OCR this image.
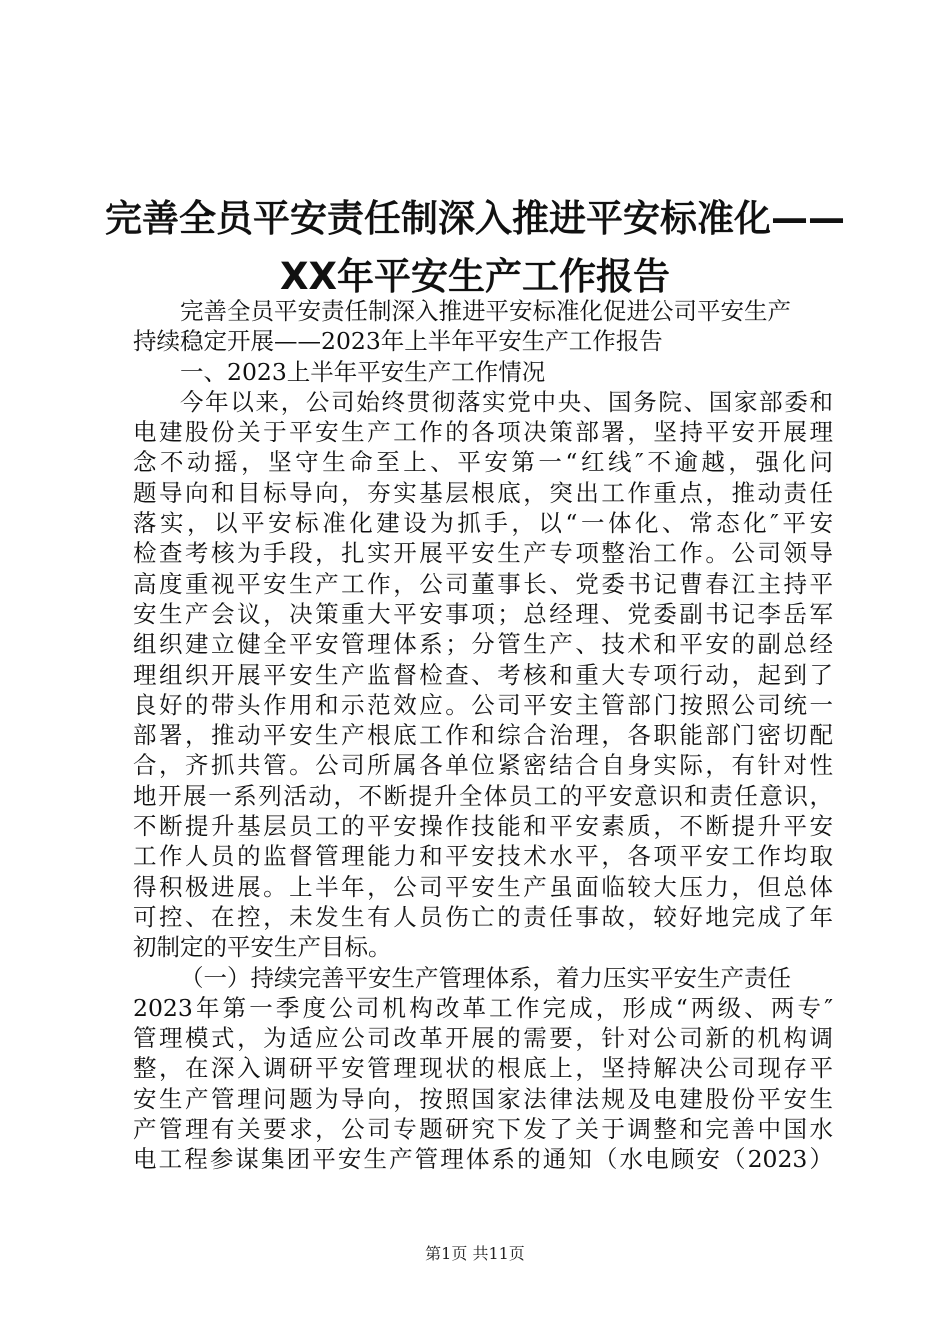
完善全员平安责任制深入推进平安标准化——
XX年平安生产工作报告
完善全员平安责任制深入推进平安标准化促进公司平安生产
持续稳定开展——2023年上半年平安生产工作报告
一、2023上半年平安生产工作情况
今年以来，公司始终贯彻落实党中央、国务院、国家部委和
电建股份关于平安生产工作的各项决策部署，坚持平安开展理
念不动摇，坚守生命至上、平安第一“红线″不逾越，强化问
题导向和目标导向，夯实基层根底，突出工作重点，推动责任
落实，以平安标准化建设为抓手，以“一体化、常态化″平安
检查考核为手段，扎实开展平安生产专项整治工作。公司领导
高度重视平安生产工作，公司董事长、党委书记曹春江主持平
安生产会议，决策重大平安事项；总经理、党委副书记李岳军
组织建立健全平安管理体系；分管生产、技术和平安的副总经
理组织开展平安生产监督检查、考核和重大专项行动，起到了
良好的带头作用和示范效应。公司平安主管部门按照公司统一
部署，推动平安生产根底工作和综合治理，各职能部门密切配
合，齐抓共管。公司所属各单位紧密结合自身实际，有针对性
地开展一系列活动，不断提升全体员工的平安意识和责任意识，
不断提升基层员工的平安操作技能和平安素质，不断提升平安
工作人员的监督管理能力和平安技术水平，各项平安工作均取
得积极进展。上半年，公司平安生产虽面临较大压力，但总体
可控、在控，未发生有人员伤亡的责任事故，较好地完成了年
初制定的平安生产目标。
（一）持续完善平安生产管理体系，着力压实平安生产责任
2023年第一季度公司机构改革工作完成，形成“两级、两专″
管理模式，为适应公司改革开展的需要，针对公司新的机构调
整，在深入调研平安管理现状的根底上，坚持解决公司现存平
安生产管理问题为导向，按照国家法律法规及电建股份平安生
产管理有关要求，公司专题研究下发了关于调整和完善中国水
电工程参谋集团平安生产管理体系的通知（水电顾安（2023）
第1页 共11页
